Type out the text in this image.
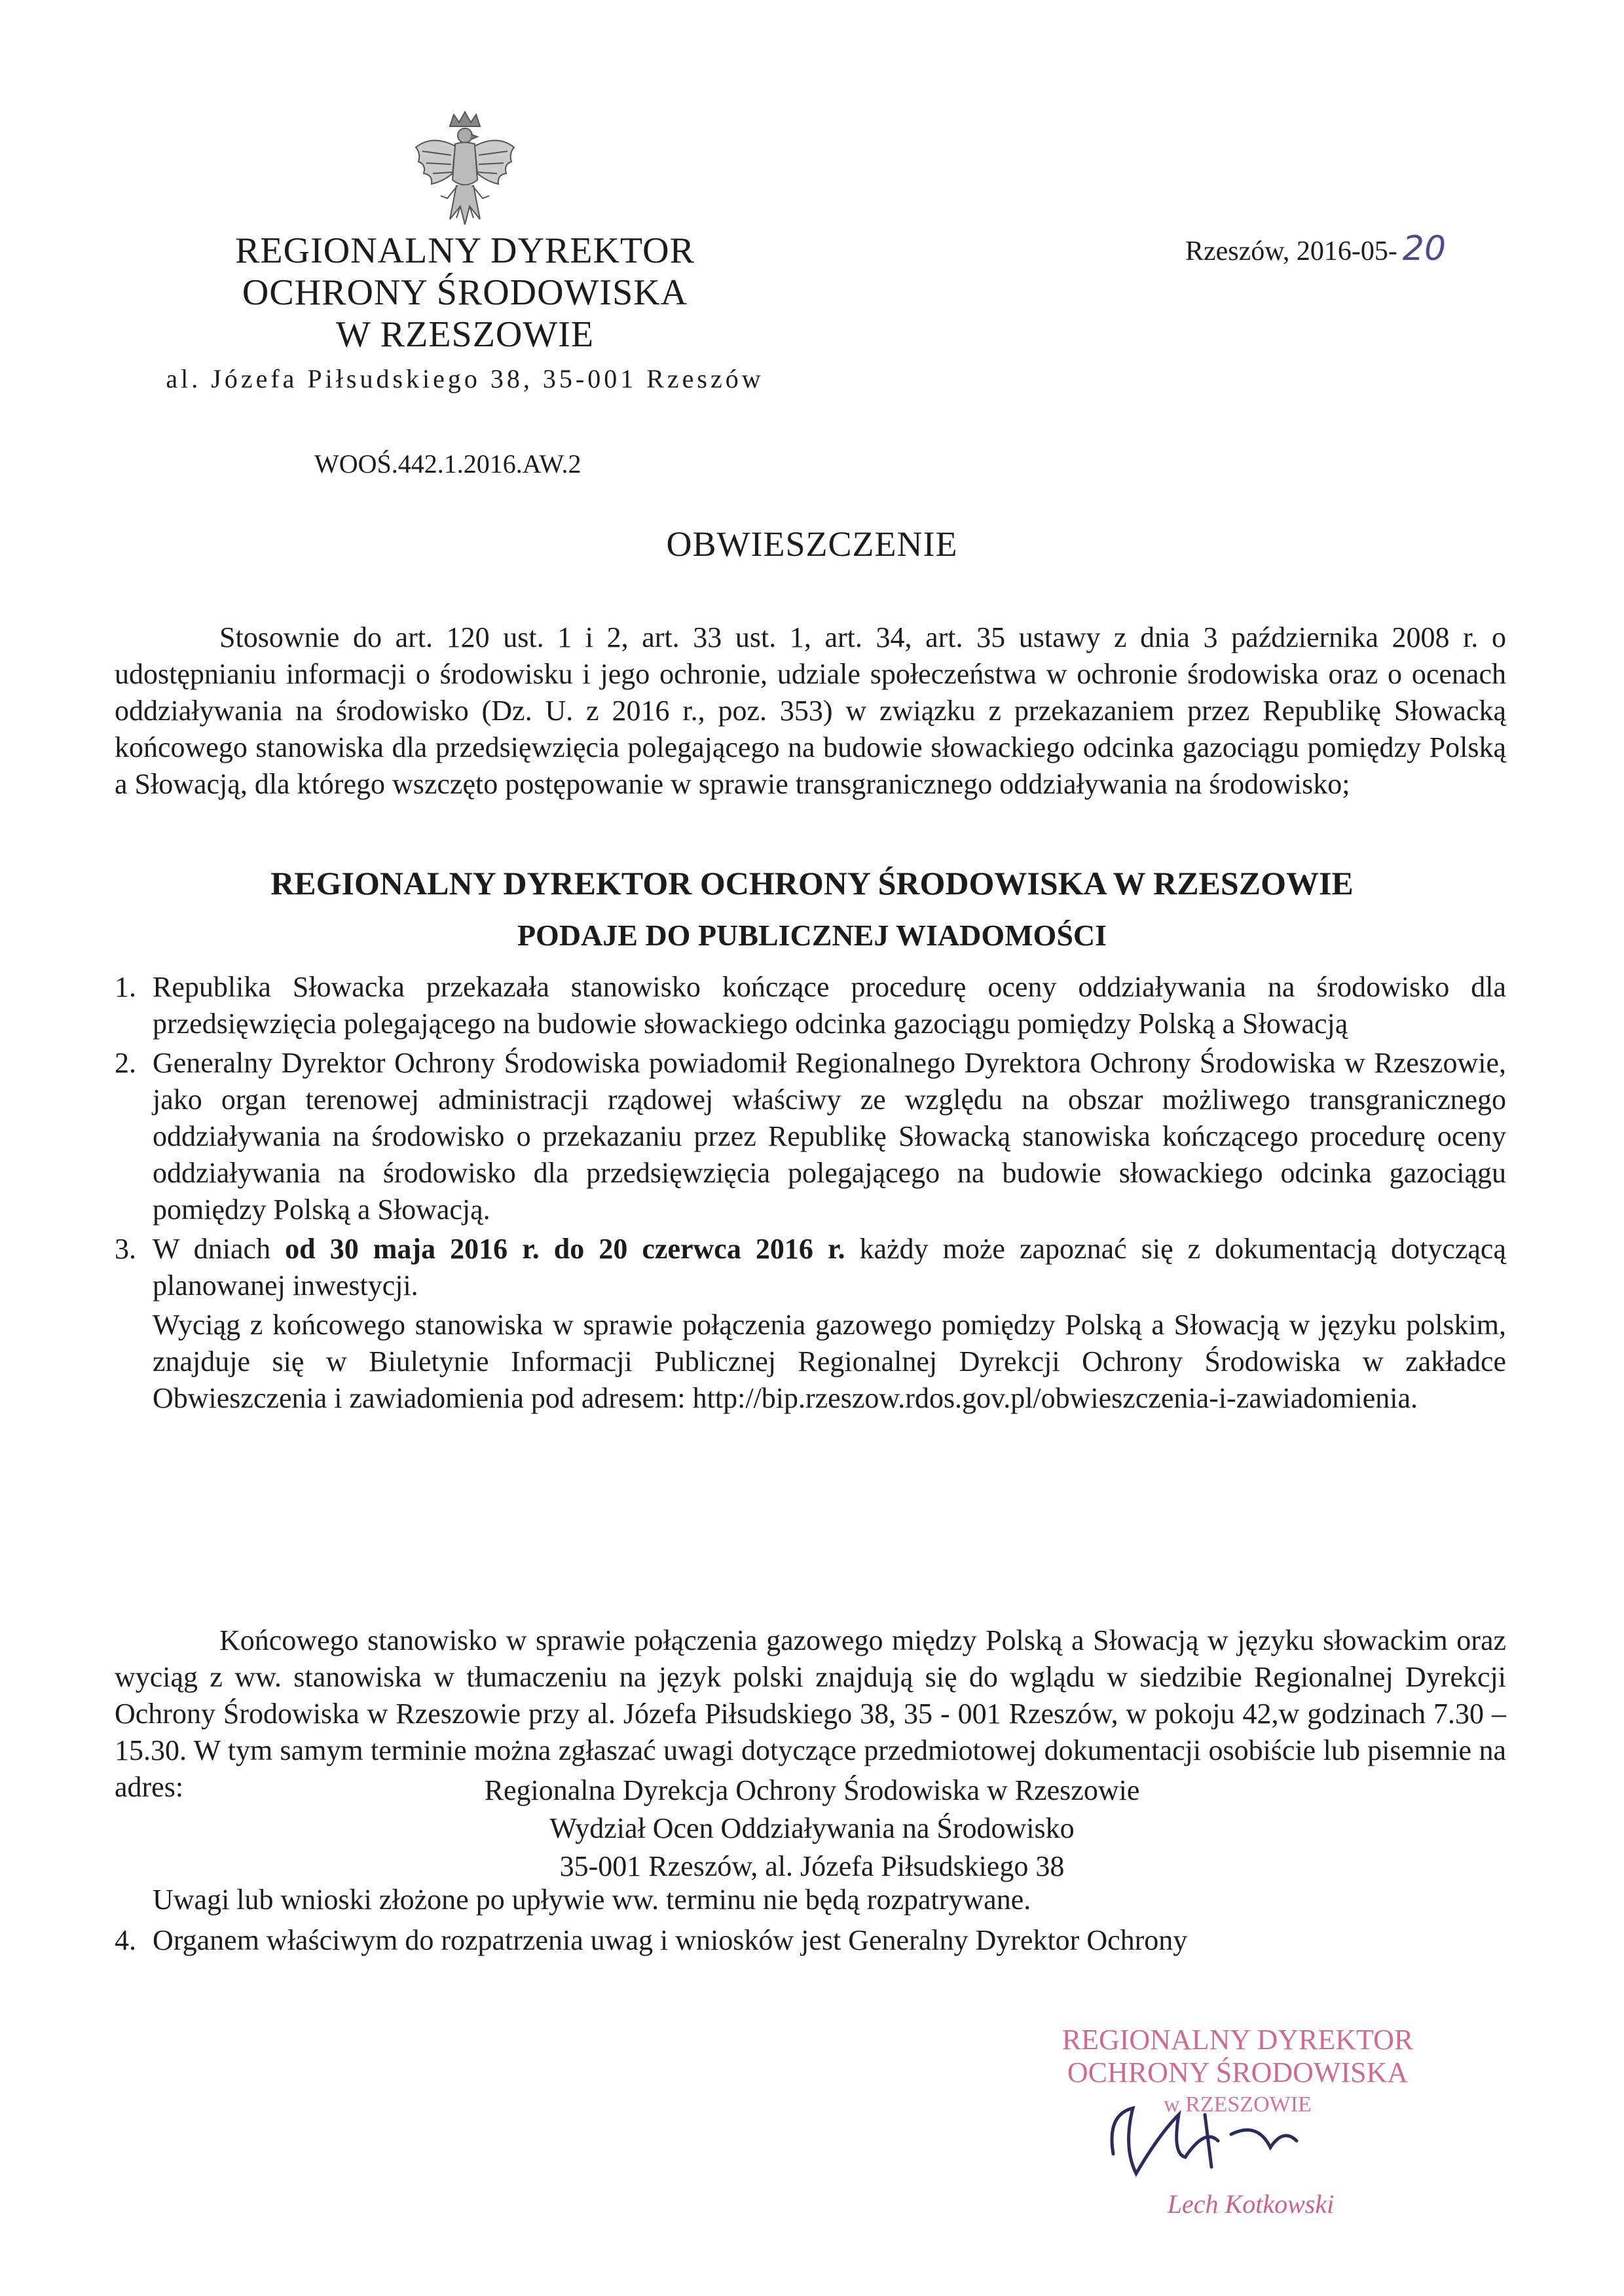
REGIONALNY DYREKTOR
OCHRONY ŚRODOWISKA
W RZESZOWIE
al. Józefa Piłsudskiego 38, 35-001 Rzeszów
Rzeszów, 2016-05- 20
WOOŚ.442.1.2016.AW.2
OBWIESZCZENIE
Stosownie do art. 120 ust. 1 i 2, art. 33 ust. 1, art. 34, art. 35 ustawy z dnia 3 października 2008 r. o udostępnianiu informacji o środowisku i jego ochronie, udziale społeczeństwa w ochronie środowiska oraz o ocenach oddziaływania na środowisko (Dz. U. z 2016 r., poz. 353) w związku z przekazaniem przez Republikę Słowacką końcowego stanowiska dla przedsięwzięcia polegającego na budowie słowackiego odcinka gazociągu pomiędzy Polską a Słowacją, dla którego wszczęto postępowanie w sprawie transgranicznego oddziaływania na środowisko;
REGIONALNY DYREKTOR OCHRONY ŚRODOWISKA W RZESZOWIE
PODAJE DO PUBLICZNEJ WIADOMOŚCI
1. Republika Słowacka przekazała stanowisko kończące procedurę oceny oddziaływania na środowisko dla przedsięwzięcia polegającego na budowie słowackiego odcinka gazociągu pomiędzy Polską a Słowacją
2. Generalny Dyrektor Ochrony Środowiska powiadomił Regionalnego Dyrektora Ochrony Środowiska w Rzeszowie, jako organ terenowej administracji rządowej właściwy ze względu na obszar możliwego transgranicznego oddziaływania na środowisko o przekazaniu przez Republikę Słowacką stanowiska kończącego procedurę oceny oddziaływania na środowisko dla przedsięwzięcia polegającego na budowie słowackiego odcinka gazociągu pomiędzy Polską a Słowacją.
3. W dniach od 30 maja 2016 r. do 20 czerwca 2016 r. każdy może zapoznać się z dokumentacją dotyczącą planowanej inwestycji.
Wyciąg z końcowego stanowiska w sprawie połączenia gazowego pomiędzy Polską a Słowacją w języku polskim, znajduje się w Biuletynie Informacji Publicznej Regionalnej Dyrekcji Ochrony Środowiska w zakładce Obwieszczenia i zawiadomienia pod adresem: http://bip.rzeszow.rdos.gov.pl/obwieszczenia-i-zawiadomienia.
Końcowego stanowisko w sprawie połączenia gazowego między Polską a Słowacją w języku słowackim oraz wyciąg z ww. stanowiska w tłumaczeniu na język polski znajdują się do wglądu w siedzibie Regionalnej Dyrekcji Ochrony Środowiska w Rzeszowie przy al. Józefa Piłsudskiego 38, 35 - 001 Rzeszów, w pokoju 42,w godzinach 7.30 – 15.30. W tym samym terminie można zgłaszać uwagi dotyczące przedmiotowej dokumentacji osobiście lub pisemnie na adres:	Regionalna Dyrekcja Ochrony Środowiska w Rzeszowie
Wydział Ocen Oddziaływania na Środowisko
35-001 Rzeszów, al. Józefa Piłsudskiego 38
Uwagi lub wnioski złożone po upływie ww. terminu nie będą rozpatrywane.
4. Organem właściwym do rozpatrzenia uwag i wniosków jest Generalny Dyrektor Ochrony
REGIONALNY DYREKTOR
OCHRONY ŚRODOWISKA
w RZESZOWIE
Lech Kotkowski
